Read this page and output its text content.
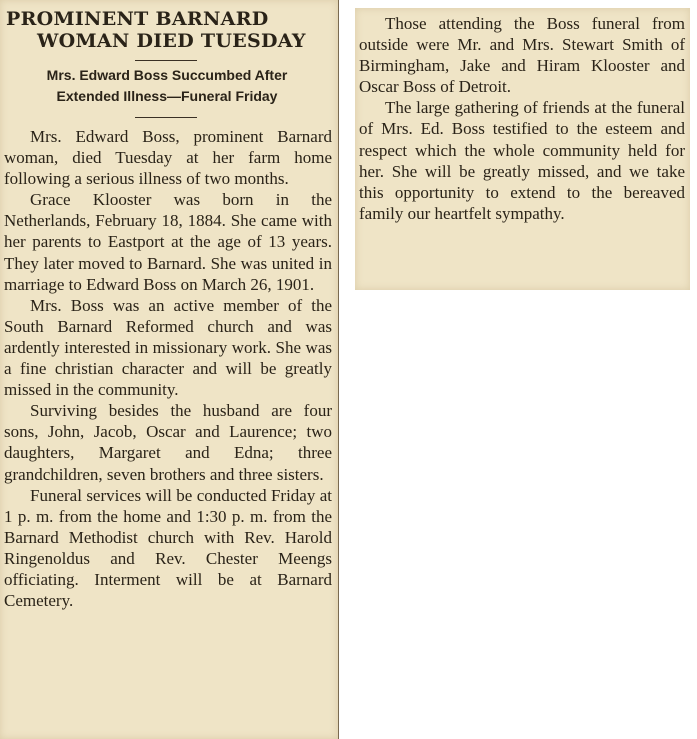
PROMINENT BARNARD
WOMAN DIED TUESDAY
Mrs. Edward Boss Succumbed After
Extended Illness—Funeral Friday

Mrs. Edward Boss, prominent Barnard woman, died Tuesday at her farm home following a serious illness of two months.

Grace Klooster was born in the Netherlands, February 18, 1884. She came with her parents to Eastport at the age of 13 years. They later moved to Barnard. She was united in marriage to Edward Boss on March 26, 1901.

Mrs. Boss was an active member of the South Barnard Reformed church and was ardently interested in missionary work. She was a fine christian character and will be greatly missed in the community.

Surviving besides the husband are four sons, John, Jacob, Oscar and Laurence; two daughters, Margaret and Edna; three grandchildren, seven brothers and three sisters.

Funeral services will be conducted Friday at 1 p. m. from the home and 1:30 p. m. from the Barnard Methodist church with Rev. Harold Ringenoldus and Rev. Chester Meengs officiating. Interment will be at Barnard Cemetery.

Those attending the Boss funeral from outside were Mr. and Mrs. Stewart Smith of Birmingham, Jake and Hiram Klooster and Oscar Boss of Detroit.

The large gathering of friends at the funeral of Mrs. Ed. Boss testified to the esteem and respect which the whole community held for her. She will be greatly missed, and we take this opportunity to extend to the bereaved family our heartfelt sympathy.
